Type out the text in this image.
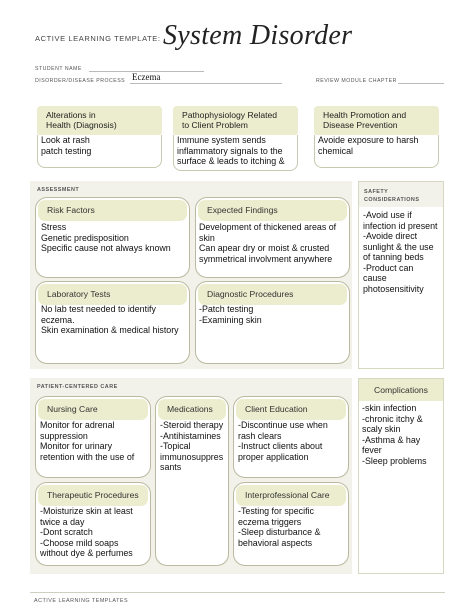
ACTIVE LEARNING TEMPLATE: System Disorder
STUDENT NAME
DISORDER/DISEASE PROCESS Eczema	REVIEW MODULE CHAPTER
Alterations in
Health (Diagnosis)
Look at rash
patch testing
Pathophysiology Related
to Client Problem
Immune system sends
inflammatory signals to the
surface & leads to itching &
Health Promotion and
Disease Prevention
Avoide exposure to harsh
chemical
ASSESSMENT
Risk Factors
Stress
Genetic predisposition
Specific cause not always known
Expected Findings
Development of thickened areas of
skin
Can apear dry or moist & crusted
symmetrical involvment anywhere
Laboratory Tests
No lab test needed to identify
eczema.
Skin examination & medical history
Diagnostic Procedures
-Patch testing
-Examining skin
SAFETY
CONSIDERATIONS
-Avoid use if
infection id present
-Avoide direct
sunlight & the use
of tanning beds
-Product can
cause
photosensitivity
PATIENT-CENTERED CARE
Nursing Care
Monitor for adrenal
suppression
Monitor for urinary
retention with the use of
Medications
-Steroid therapy
-Antihistamines
-Topical
immunosuppres
sants
Client Education
-Discontinue use when
rash clears
-Instruct clients about
proper application
Therapeutic Procedures
-Moisturize skin at least
twice a day
-Dont scratch
-Choose mild soaps
without dye & perfumes
Interprofessional Care
-Testing for specific
eczema triggers
-Sleep disturbance &
behavioral aspects
Complications
-skin infection
-chronic itchy &
scaly skin
-Asthma & hay
fever
-Sleep problems
ACTIVE LEARNING TEMPLATES
